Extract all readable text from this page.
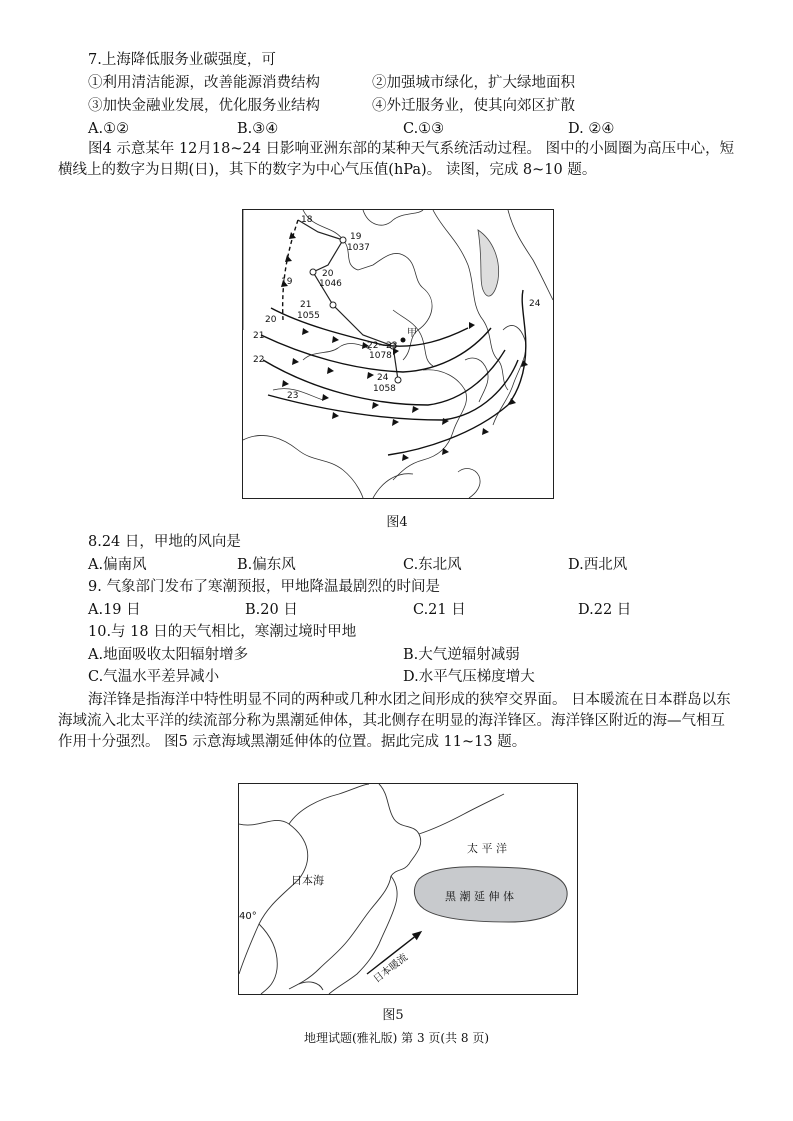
7.上海降低服务业碳强度，可
①利用清洁能源，改善能源消费结构	②加强城市绿化，扩大绿地面积
③加快金融业发展，优化服务业结构	④外迁服务业，使其向郊区扩散
A.①②	B.③④	C.①③	D. ②④
图4 示意某年 12月18~24 日影响亚洲东部的某种天气系统活动过程。 图中的小圆圈为高压中心，短横线上的数字为日期(日)，其下的数字为中心气压值(hPa)。 读图，完成 8~10 题。
18
19
1037
20
1046
19
21
1055
22~23
1078
24
1058
甲
20
21
22
23
24
图4
8.24 日，甲地的风向是
A.偏南风	B.偏东风	C.东北风	D.西北风
9. 气象部门发布了寒潮预报，甲地降温最剧烈的时间是
A.19 日	B.20 日	C.21 日	D.22 日
10.与 18 日的天气相比，寒潮过境时甲地
A.地面吸收太阳辐射增多	B.大气逆辐射减弱
C.气温水平差异减小	D.水平气压梯度增大
海洋锋是指海洋中特性明显不同的两种或几种水团之间形成的狭窄交界面。 日本暖流在日本群岛以东海域流入北太平洋的续流部分称为黑潮延伸体，其北侧存在明显的海洋锋区。海洋锋区附近的海—气相互作用十分强烈。 图5 示意海域黑潮延伸体的位置。据此完成 11~13 题。
黑 潮 延 伸 体
太 平 洋
日本海
40°
日本暖流
图5
地理试题(雅礼版) 第 3 页(共 8 页)
